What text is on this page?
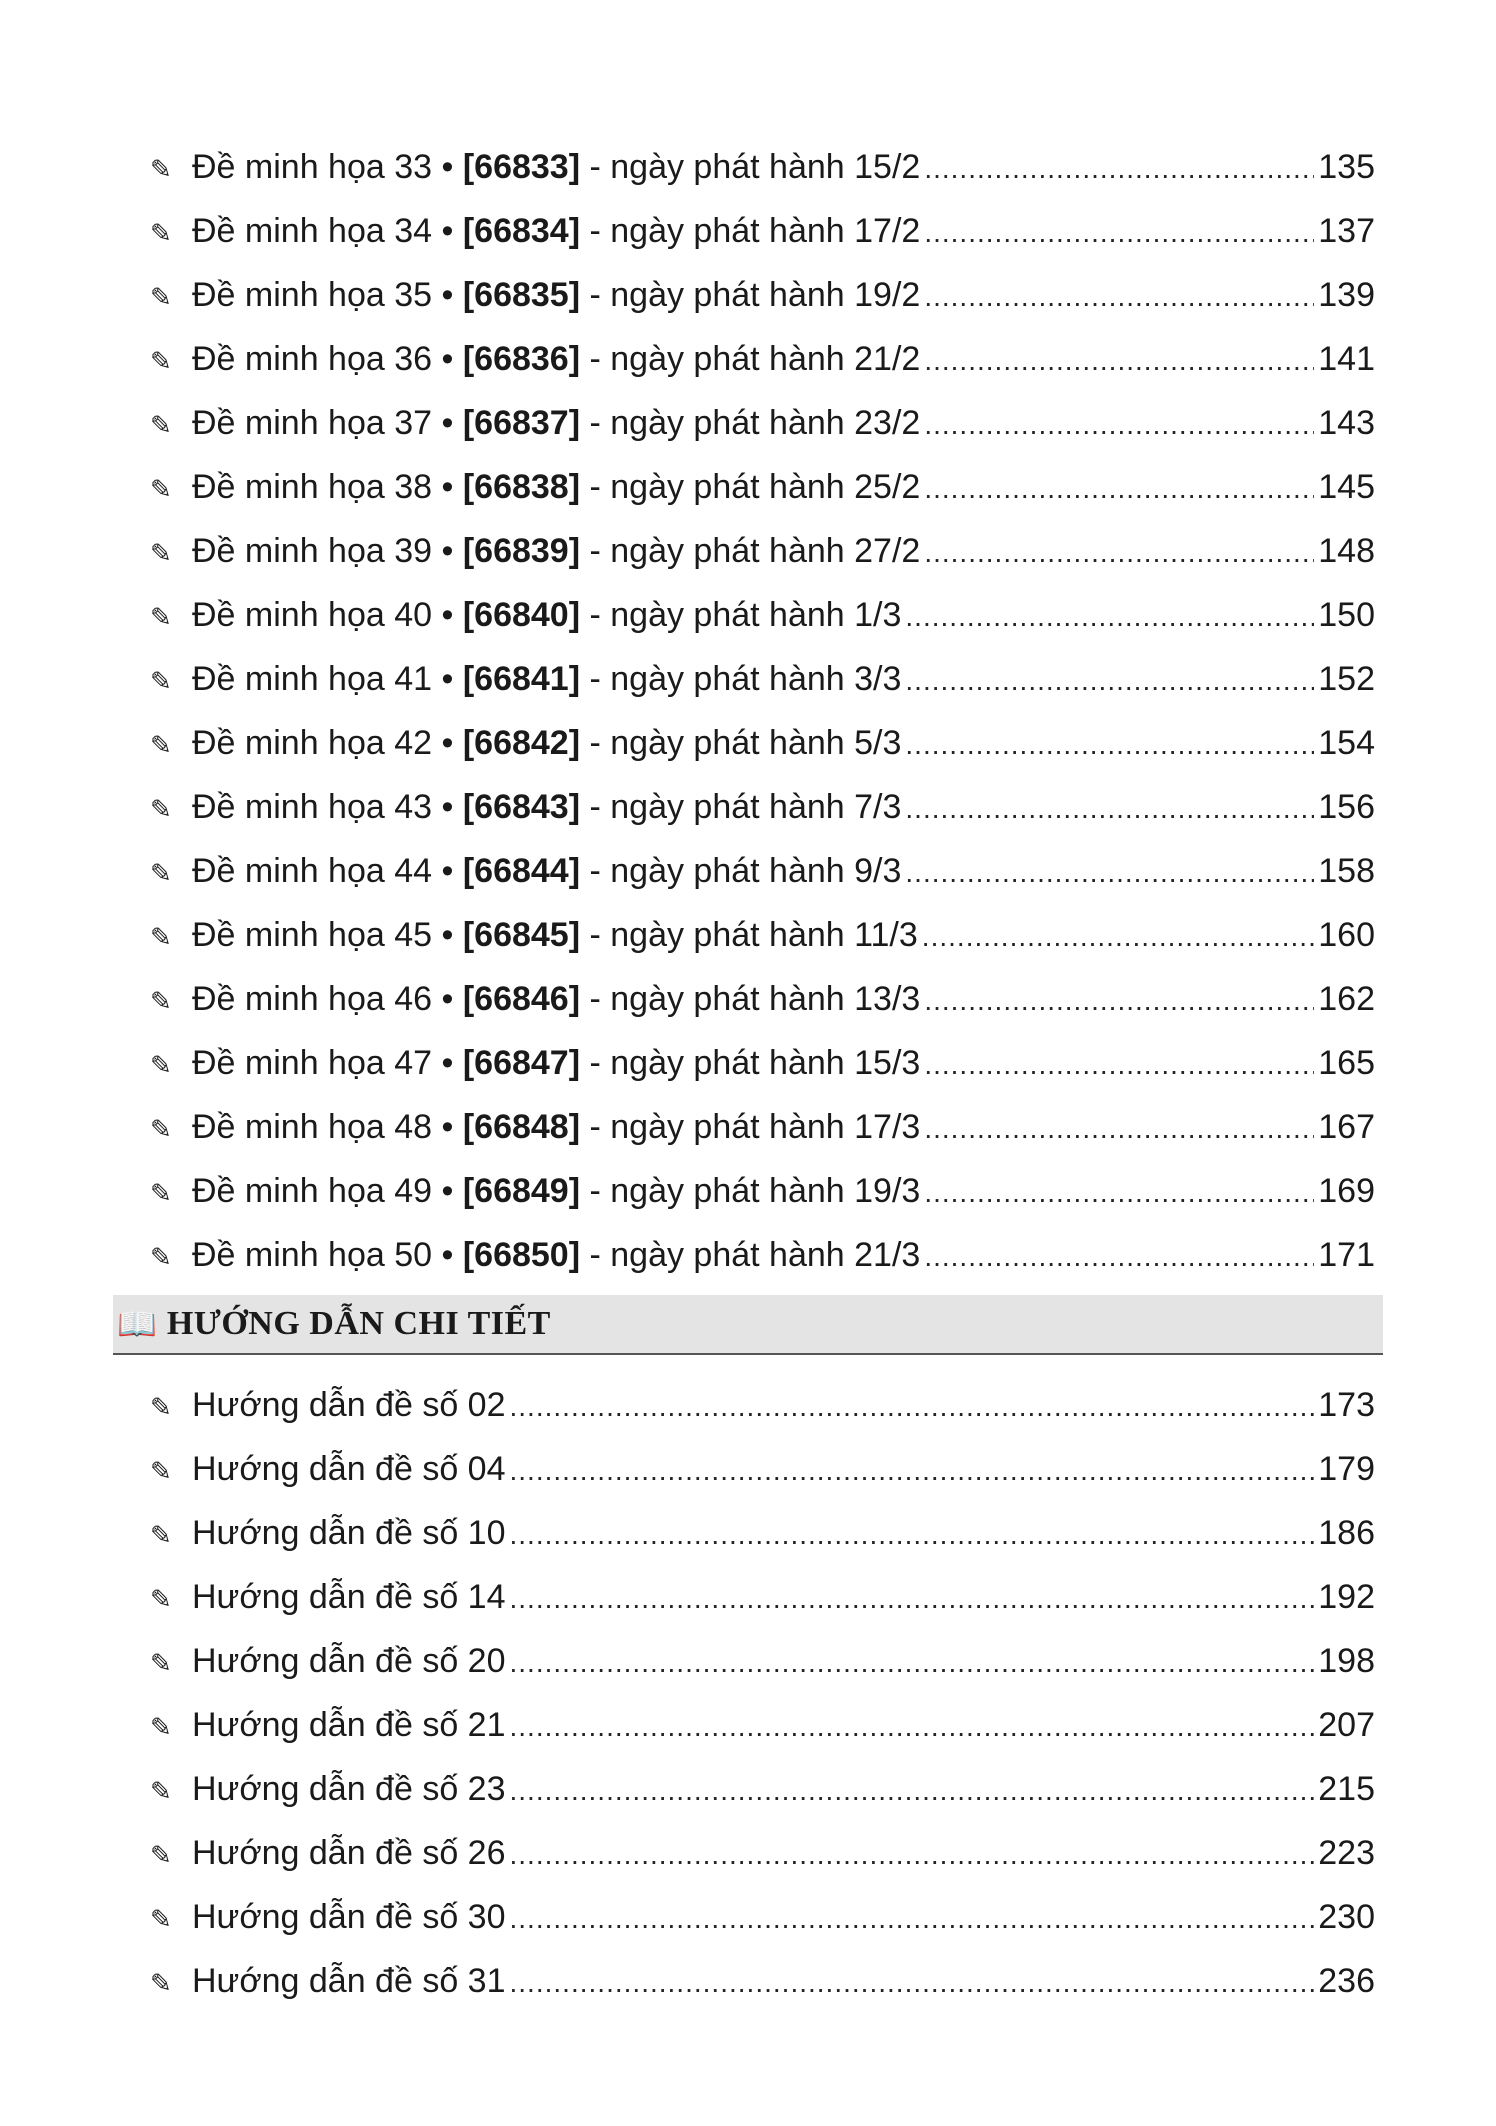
✎ Đề minh họa 33 • [66833] - ngày phát hành 15/2 .....	135
✎ Đề minh họa 34 • [66834] - ngày phát hành 17/2 .....	137
✎ Đề minh họa 35 • [66835] - ngày phát hành 19/2 .....	139
✎ Đề minh họa 36 • [66836] - ngày phát hành 21/2 .....	141
✎ Đề minh họa 37 • [66837] - ngày phát hành 23/2 .....	143
✎ Đề minh họa 38 • [66838] - ngày phát hành 25/2 .....	145
✎ Đề minh họa 39 • [66839] - ngày phát hành 27/2 .....	148
✎ Đề minh họa 40 • [66840] - ngày phát hành 1/3 .....	150
✎ Đề minh họa 41 • [66841] - ngày phát hành 3/3 .....	152
✎ Đề minh họa 42 • [66842] - ngày phát hành 5/3 .....	154
✎ Đề minh họa 43 • [66843] - ngày phát hành 7/3 .....	156
✎ Đề minh họa 44 • [66844] - ngày phát hành 9/3 .....	158
✎ Đề minh họa 45 • [66845] - ngày phát hành 11/3 .....	160
✎ Đề minh họa 46 • [66846] - ngày phát hành 13/3 .....	162
✎ Đề minh họa 47 • [66847] - ngày phát hành 15/3 .....	165
✎ Đề minh họa 48 • [66848] - ngày phát hành 17/3 .....	167
✎ Đề minh họa 49 • [66849] - ngày phát hành 19/3 .....	169
✎ Đề minh họa 50 • [66850] - ngày phát hành 21/3 .....	171
📖 HƯỚNG DẪN CHI TIẾT
✎ Hướng dẫn đề số 02 .....	173
✎ Hướng dẫn đề số 04 .....	179
✎ Hướng dẫn đề số 10 .....	186
✎ Hướng dẫn đề số 14 .....	192
✎ Hướng dẫn đề số 20 .....	198
✎ Hướng dẫn đề số 21 .....	207
✎ Hướng dẫn đề số 23 .....	215
✎ Hướng dẫn đề số 26 .....	223
✎ Hướng dẫn đề số 30 .....	230
✎ Hướng dẫn đề số 31 .....	236
